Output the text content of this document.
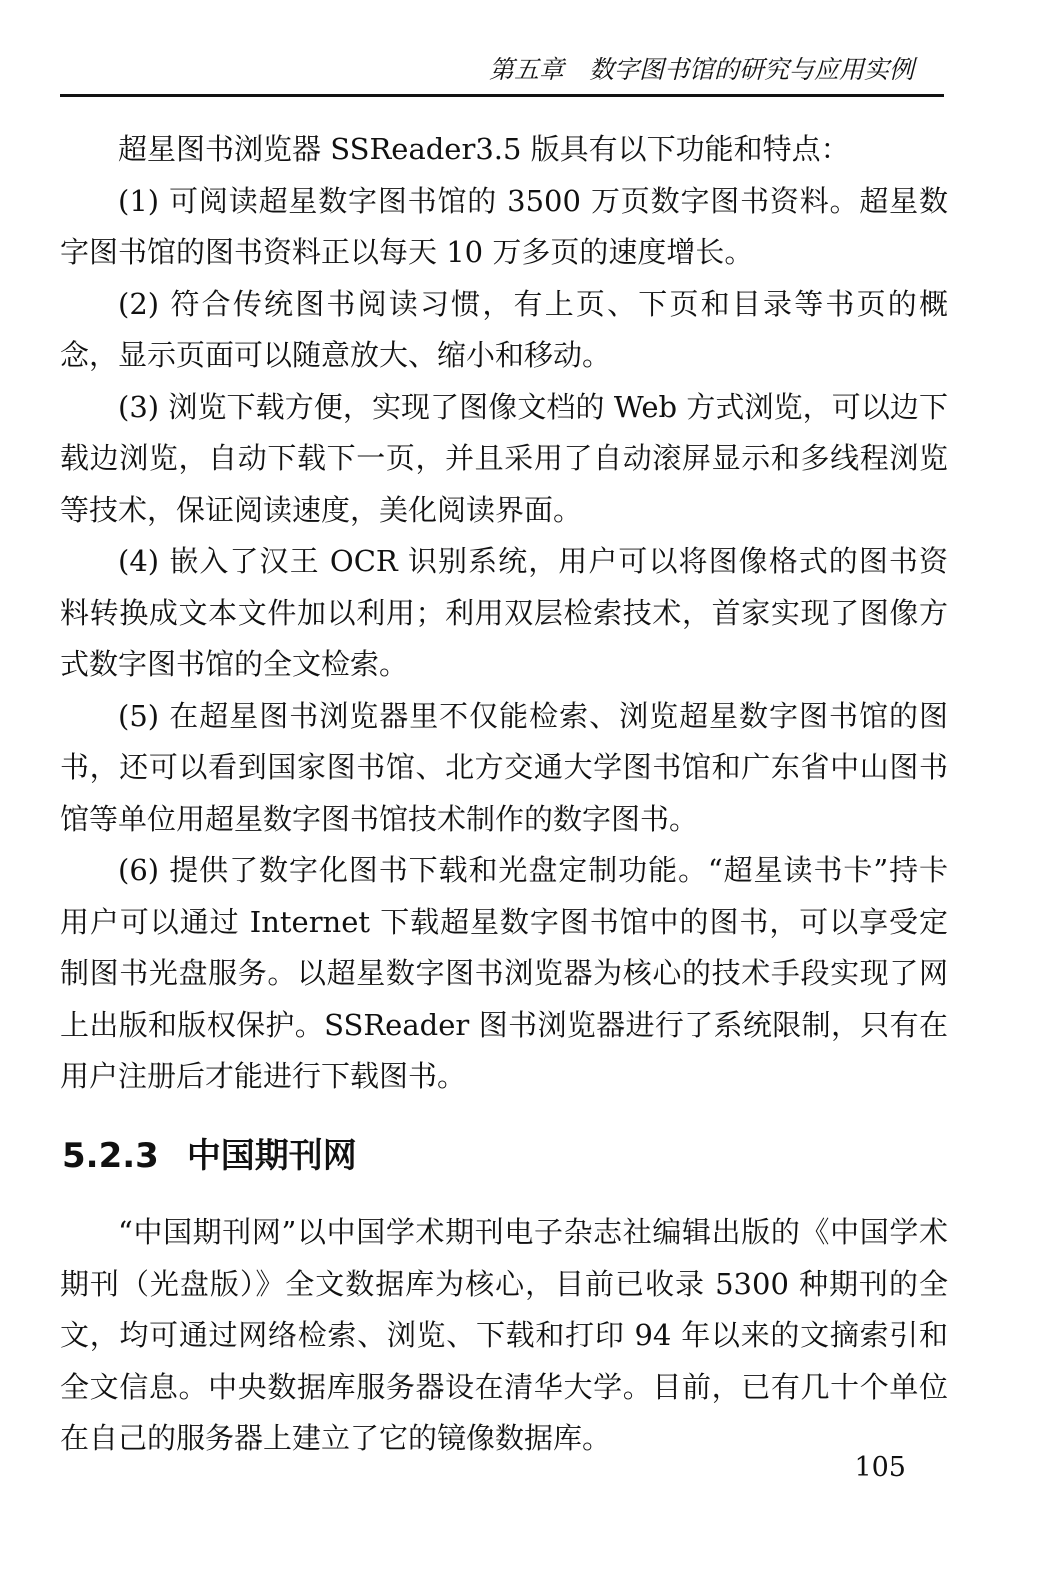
第五章　数字图书馆的研究与应用实例

超星图书浏览器 SSReader3.5 版具有以下功能和特点：

(1) 可阅读超星数字图书馆的 3500 万页数字图书资料。超星数字图书馆的图书资料正以每天 10 万多页的速度增长。

(2) 符合传统图书阅读习惯，有上页、下页和目录等书页的概念，显示页面可以随意放大、缩小和移动。

(3) 浏览下载方便，实现了图像文档的 Web 方式浏览，可以边下载边浏览，自动下载下一页，并且采用了自动滚屏显示和多线程浏览等技术，保证阅读速度，美化阅读界面。

(4) 嵌入了汉王 OCR 识别系统，用户可以将图像格式的图书资料转换成文本文件加以利用；利用双层检索技术，首家实现了图像方式数字图书馆的全文检索。

(5) 在超星图书浏览器里不仅能检索、浏览超星数字图书馆的图书，还可以看到国家图书馆、北方交通大学图书馆和广东省中山图书馆等单位用超星数字图书馆技术制作的数字图书。

(6) 提供了数字化图书下载和光盘定制功能。“超星读书卡”持卡用户可以通过 Internet 下载超星数字图书馆中的图书，可以享受定制图书光盘服务。以超星数字图书浏览器为核心的技术手段实现了网上出版和版权保护。SSReader 图书浏览器进行了系统限制，只有在用户注册后才能进行下载图书。

5.2.3 中国期刊网

“中国期刊网”以中国学术期刊电子杂志社编辑出版的《中国学术期刊（光盘版）》全文数据库为核心，目前已收录 5300 种期刊的全文，均可通过网络检索、浏览、下载和打印 94 年以来的文摘索引和全文信息。中央数据库服务器设在清华大学。目前，已有几十个单位在自己的服务器上建立了它的镜像数据库。

105
